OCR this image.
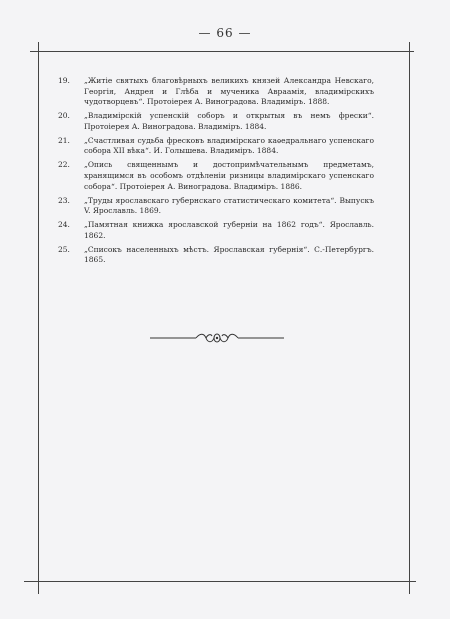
— 66 —
19. „Житіе святыхъ благовѣрныхъ великихъ князей Александра Невскаго, Георгія, Андрея и Глѣба и мученика Авраамія, владимірскихъ чудотворцевъ“. Протоіерея А. Виноградова. Владиміръ. 1888.
20. „Владимірскій успенскій соборъ и открытыя въ немъ фрески“. Протоіерея А. Виноградова. Владиміръ. 1884.
21. „Счастливая судьба фресковъ владимірскаго каѳедральнаго успенскаго собора XII вѣка“. И. Голышева. Владиміръ. 1884.
22. „Опись священнымъ и достопримѣчательнымъ предметамъ, хранящимся въ особомъ отдѣленіи ризницы владимірскаго успенскаго собора“. Протоіерея А. Виноградова. Владиміръ. 1886.
23. „Труды ярославскаго губернскаго статистическаго комитета“. Выпускъ V. Ярославль. 1869.
24. „Памятная книжка ярославской губерніи на 1862 годъ“. Ярославль. 1862.
25. „Списокъ населенныхъ мѣстъ. Ярославская губернія“. С.-Петербургъ. 1865.
